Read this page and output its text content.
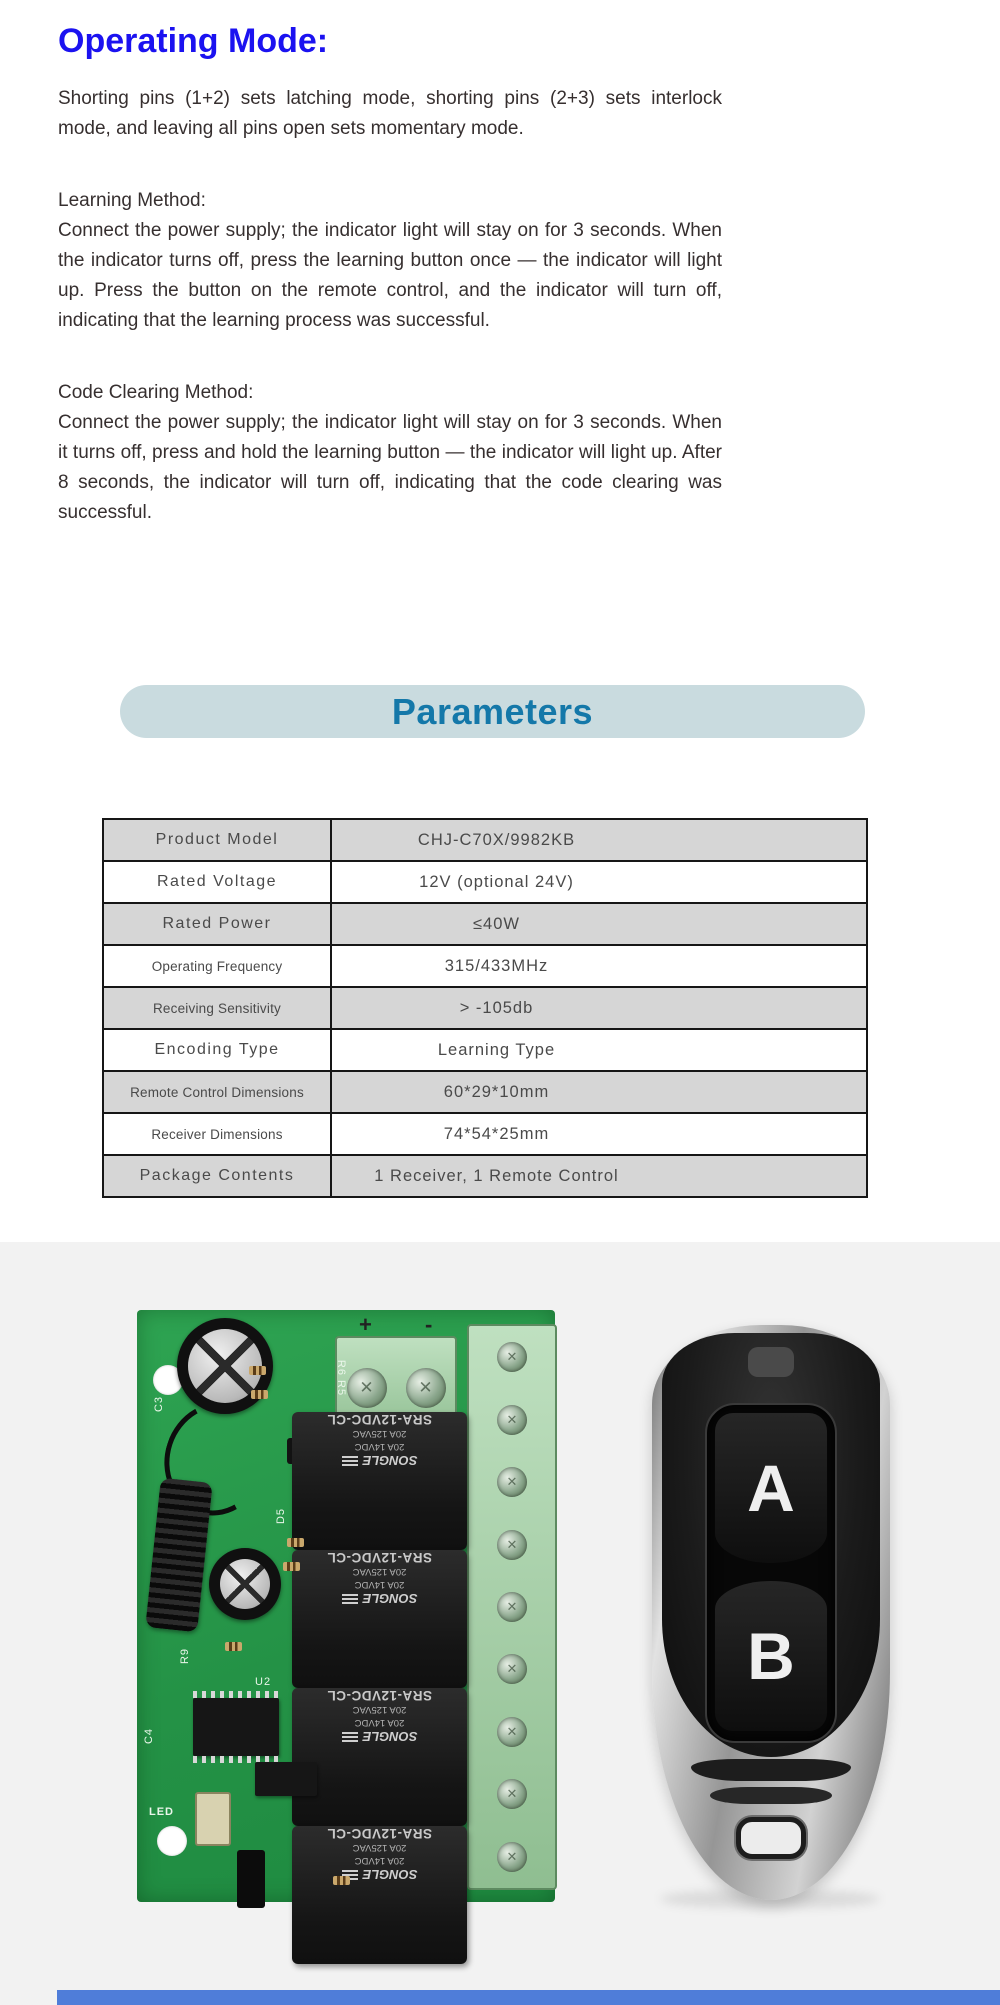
Operating Mode:

Shorting pins (1+2) sets latching mode, shorting pins (2+3) sets interlock mode, and leaving all pins open sets momentary mode.

Learning Method:

Connect the power supply; the indicator light will stay on for 3 seconds. When the indicator turns off, press the learning button once — the indicator will light up. Press the button on the remote control, and the indicator will turn off, indicating that the learning process was successful.

Code Clearing Method:

Connect the power supply; the indicator light will stay on for 3 seconds. When it turns off, press and hold the learning button — the indicator will light up. After 8 seconds, the indicator will turn off, indicating that the code clearing was successful.

Parameters
Product Model	CHJ-C70X/9982KB
Rated Voltage	12V (optional 24V)
Rated Power	≤40W
Operating Frequency	315/433MHz
Receiving Sensitivity	> -105db
Encoding Type	Learning Type
Remote Control Dimensions	60*29*10mm
Receiver Dimensions	74*54*25mm
Package Contents	1 Receiver, 1 Remote Control
✕	✕
+ -
✕
✕
✕
✕
✕
✕
✕
✕
✕
SONGLE
20A 14VDC
20A 125VAC
SRA-12VDC-CL
SONGLE
20A 14VDC
20A 125VAC
SRA-12VDC-CL
SONGLE
20A 14VDC
20A 125VAC
SRA-12VDC-CL
SONGLE
20A 14VDC
20A 125VAC
SRA-12VDC-CL
C3
R6 R5
D5
U2
R9
C4
LED
A
B
